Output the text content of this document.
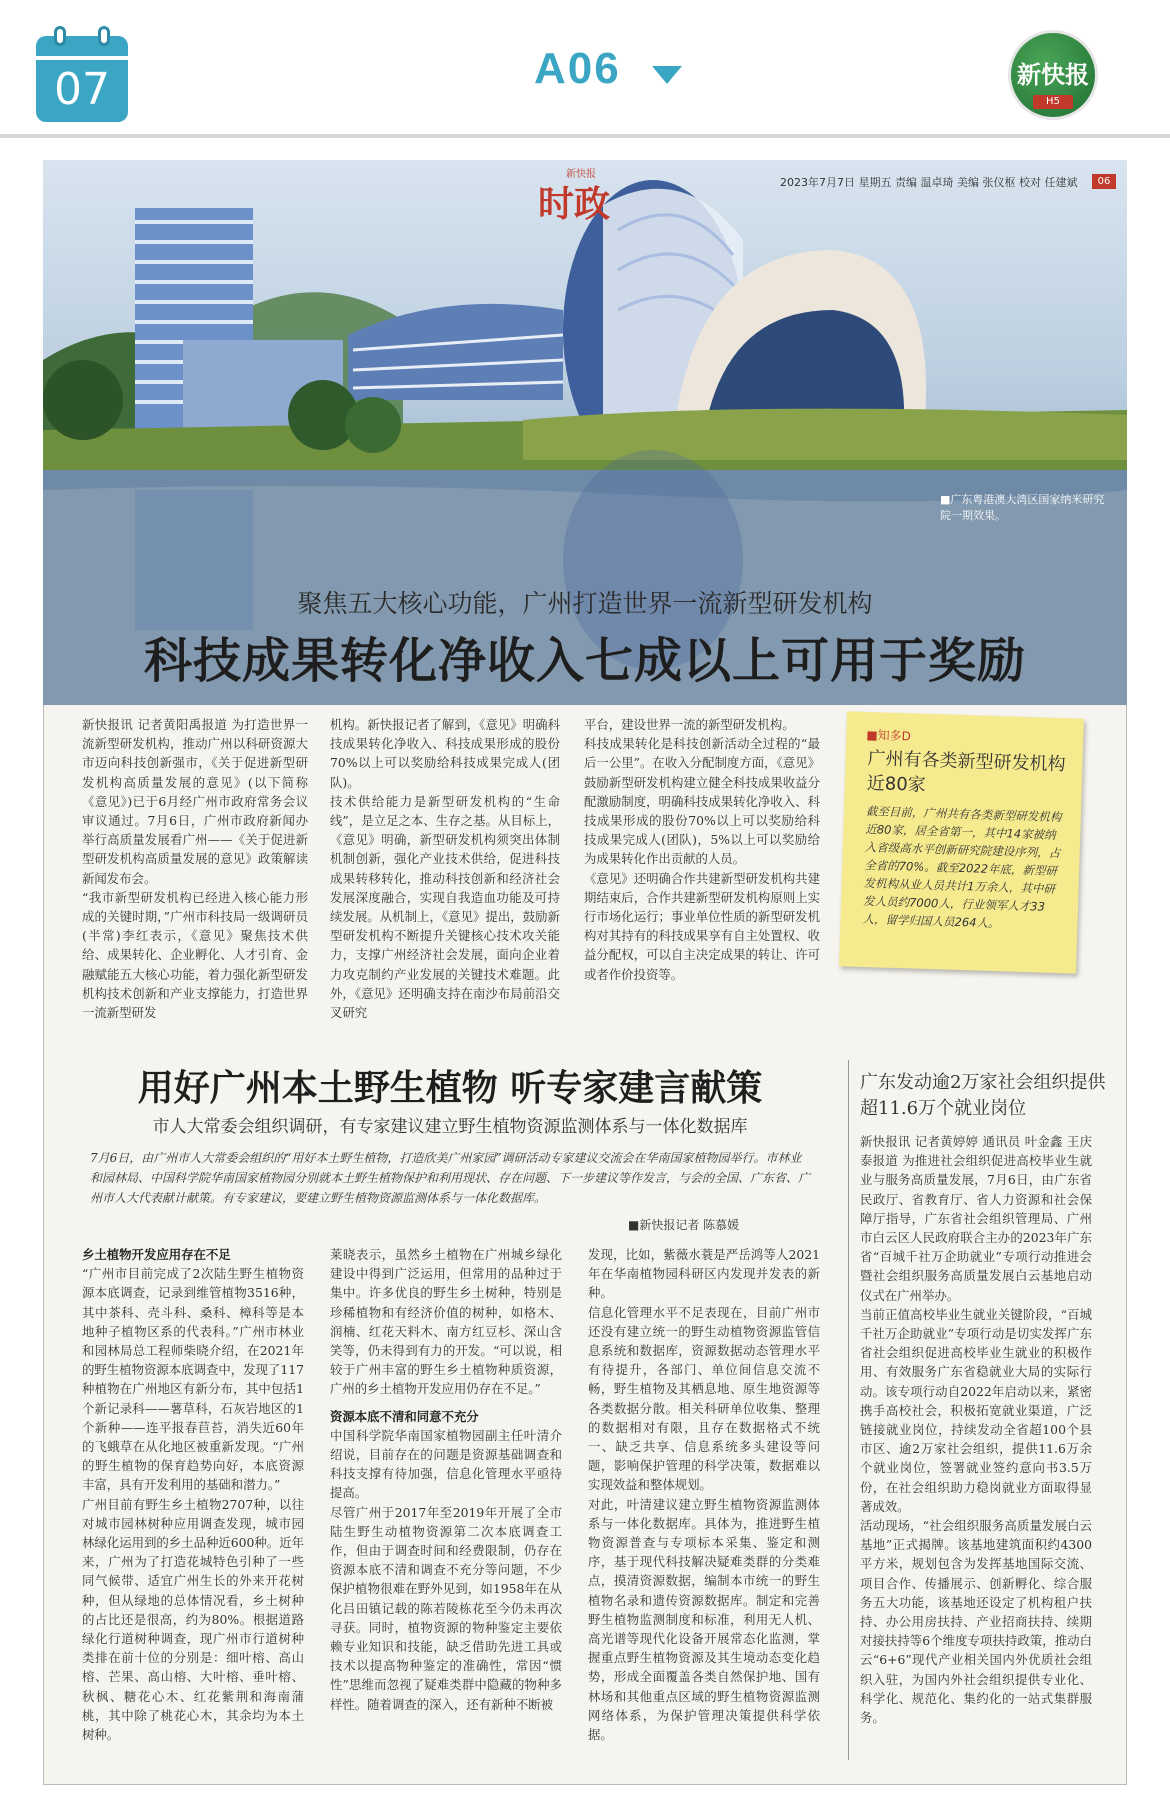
07	A06	新快报
H5
新快报
时政
2023年7月7日 星期五 责编 温卓琦 美编 张仪枢 校对 任建斌	06
■广东粤港澳大湾区国家纳米研究院一期效果。
聚焦五大核心功能，广州打造世界一流新型研发机构
科技成果转化净收入七成以上可用于奖励
新快报讯 记者黄阳禹报道 为打造世界一流新型研发机构，推动广州以科研资源大市迈向科技创新强市，《关于促进新型研发机构高质量发展的意见》(以下简称《意见》)已于6月经广州市政府常务会议审议通过。7月6日，广州市政府新闻办举行高质量发展看广州——《关于促进新型研发机构高质量发展的意见》政策解读新闻发布会。
“我市新型研发机构已经进入核心能力形成的关键时期，”广州市科技局一级调研员(半常)李红表示，《意见》聚焦技术供给、成果转化、企业孵化、人才引育、金融赋能五大核心功能，着力强化新型研发机构技术创新和产业支撑能力，打造世界一流新型研发
机构。新快报记者了解到，《意见》明确科技成果转化净收入、科技成果形成的股份70%以上可以奖励给科技成果完成人(团队)。
技术供给能力是新型研发机构的“生命线”，是立足之本、生存之基。从目标上，《意见》明确，新型研发机构须突出体制机制创新，强化产业技术供给，促进科技成果转移转化，推动科技创新和经济社会发展深度融合，实现自我造血功能及可持续发展。从机制上，《意见》提出，鼓励新型研发机构不断提升关键核心技术攻关能力，支撑广州经济社会发展，面向企业着力攻克制约产业发展的关键技术难题。此外，《意见》还明确支持在南沙布局前沿交叉研究
平台，建设世界一流的新型研发机构。
科技成果转化是科技创新活动全过程的“最后一公里”。在收入分配制度方面，《意见》鼓励新型研发机构建立健全科技成果收益分配激励制度，明确科技成果转化净收入、科技成果形成的股份70%以上可以奖励给科技成果完成人(团队)，5%以上可以奖励给为成果转化作出贡献的人员。
《意见》还明确合作共建新型研发机构共建期结束后，合作共建新型研发机构原则上实行市场化运行；事业单位性质的新型研发机构对其持有的科技成果享有自主处置权、收益分配权，可以自主决定成果的转让、许可或者作价投资等。
■知多D
广州有各类新型研发机构近80家
截至目前，广州共有各类新型研发机构近80家，居全省第一，其中14家被纳入省级高水平创新研究院建设序列，占全省的70%。截至2022年底，新型研发机构从业人员共计1万余人，其中研发人员约7000人，行业领军人才33人，留学归国人员264人。
用好广州本土野生植物 听专家建言献策
市人大常委会组织调研，有专家建议建立野生植物资源监测体系与一体化数据库
7月6日，由广州市人大常委会组织的“用好本土野生植物，打造欣美广州家园”调研活动专家建议交流会在华南国家植物园举行。市林业和园林局、中国科学院华南国家植物园分别就本土野生植物保护和利用现状、存在问题、下一步建议等作发言，与会的全国、广东省、广州市人大代表献计献策。有专家建议，要建立野生植物资源监测体系与一体化数据库。
■新快报记者 陈慕媛
乡土植物开发应用存在不足
“广州市目前完成了2次陆生野生植物资源本底调查，记录到维管植物3516种，其中茶科、壳斗科、桑科、樟科等是本地种子植物区系的代表科。”广州市林业和园林局总工程师柴晓介绍，在2021年的野生植物资源本底调查中，发现了117种植物在广州地区有新分布，其中包括1个新记录科——薯草科，石灰岩地区的1个新种——连平报春苣苔，消失近60年的飞蛾草在从化地区被重新发现。“广州的野生植物的保育趋势向好，本底资源丰富，具有开发利用的基础和潜力。”
广州目前有野生乡土植物2707种，以往对城市园林树种应用调查发现，城市园林绿化运用到的乡土品种近600种。近年来，广州为了打造花城特色引种了一些同气候带、适宜广州生长的外来开花树种，但从绿地的总体情况看，乡土树种的占比还是很高，约为80%。根据道路绿化行道树种调查，现广州市行道树种类排在前十位的分别是：细叶榕、高山榕、芒果、高山榕、大叶榕、垂叶榕、秋枫、糖花心木、红花紫荆和海南蒲桃，其中除了桃花心木，其余均为本土树种。
莱晓表示，虽然乡土植物在广州城乡绿化建设中得到广泛运用，但常用的品种过于集中。许多优良的野生乡土树种，特别是珍稀植物和有经济价值的树种，如格木、润楠、红花天料木、南方红豆杉、深山含笑等，仍未得到有力的开发。“可以说，相较于广州丰富的野生乡土植物种质资源，广州的乡土植物开发应用仍存在不足。”
资源本底不清和同意不充分
中国科学院华南国家植物园副主任叶清介绍说，目前存在的问题是资源基础调查和科技支撑有待加强，信息化管理水平亟待提高。
尽管广州于2017年至2019年开展了全市陆生野生动植物资源第二次本底调查工作，但由于调查时间和经费限制，仍存在资源本底不清和调查不充分等问题，不少保护植物很难在野外见到，如1958年在从化吕田镇记载的陈若陵栋花至今仍未再次寻获。同时，植物资源的物种鉴定主要依赖专业知识和技能，缺乏借助先进工具或技术以提高物种鉴定的准确性，常因“惯性”思维而忽视了疑难类群中隐藏的物种多样性。随着调查的深入，还有新种不断被
发现，比如，紫薇水蓑是严岳鸿等人2021年在华南植物园科研区内发现并发表的新种。
信息化管理水平不足表现在，目前广州市还没有建立统一的野生动植物资源监管信息系统和数据库，资源数据动态管理水平有待提升，各部门、单位间信息交流不畅，野生植物及其栖息地、原生地资源等各类数据分散。相关科研单位收集、整理的数据相对有限，且存在数据格式不统一、缺乏共享、信息系统多头建设等问题，影响保护管理的科学决策，数据难以实现效益和整体规划。
对此，叶清建议建立野生植物资源监测体系与一体化数据库。具体为，推进野生植物资源普查与专项标本采集、鉴定和测序，基于现代科技解决疑难类群的分类难点，摸清资源数据，编制本市统一的野生植物名录和遗传资源数据库。制定和完善野生植物监测制度和标准，利用无人机、高光谱等现代化设备开展常态化监测，掌握重点野生植物资源及其生境动态变化趋势，形成全面覆盖各类自然保护地、国有林场和其他重点区域的野生植物资源监测网络体系，为保护管理决策提供科学依据。
广东发动逾2万家社会组织提供超11.6万个就业岗位
新快报讯 记者黄婷婷 通讯员 叶金鑫 王庆泰报道 为推进社会组织促进高校毕业生就业与服务高质量发展，7月6日，由广东省民政厅、省教育厅、省人力资源和社会保障厅指导，广东省社会组织管理局、广州市白云区人民政府联合主办的2023年广东省“百城千社万企助就业”专项行动推进会暨社会组织服务高质量发展白云基地启动仪式在广州举办。
当前正值高校毕业生就业关键阶段，“百城千社万企助就业”专项行动是切实发挥广东省社会组织促进高校毕业生就业的积极作用、有效服务广东省稳就业大局的实际行动。该专项行动自2022年启动以来，紧密携手高校社会，积极拓宽就业渠道，广泛链接就业岗位，持续发动全省超100个县市区、逾2万家社会组织，提供11.6万余个就业岗位，签署就业签约意向书3.5万份，在社会组织助力稳岗就业方面取得显著成效。
活动现场，“社会组织服务高质量发展白云基地”正式揭牌。该基地建筑面积约4300平方米，规划包含为发挥基地国际交流、项目合作、传播展示、创新孵化、综合服务五大功能，该基地还设定了机构租户扶持、办公用房扶持、产业招商扶持、续期对接扶持等6个维度专项扶持政策，推动白云“6+6”现代产业相关国内外优质社会组织入驻，为国内外社会组织提供专业化、科学化、规范化、集约化的一站式集群服务。
